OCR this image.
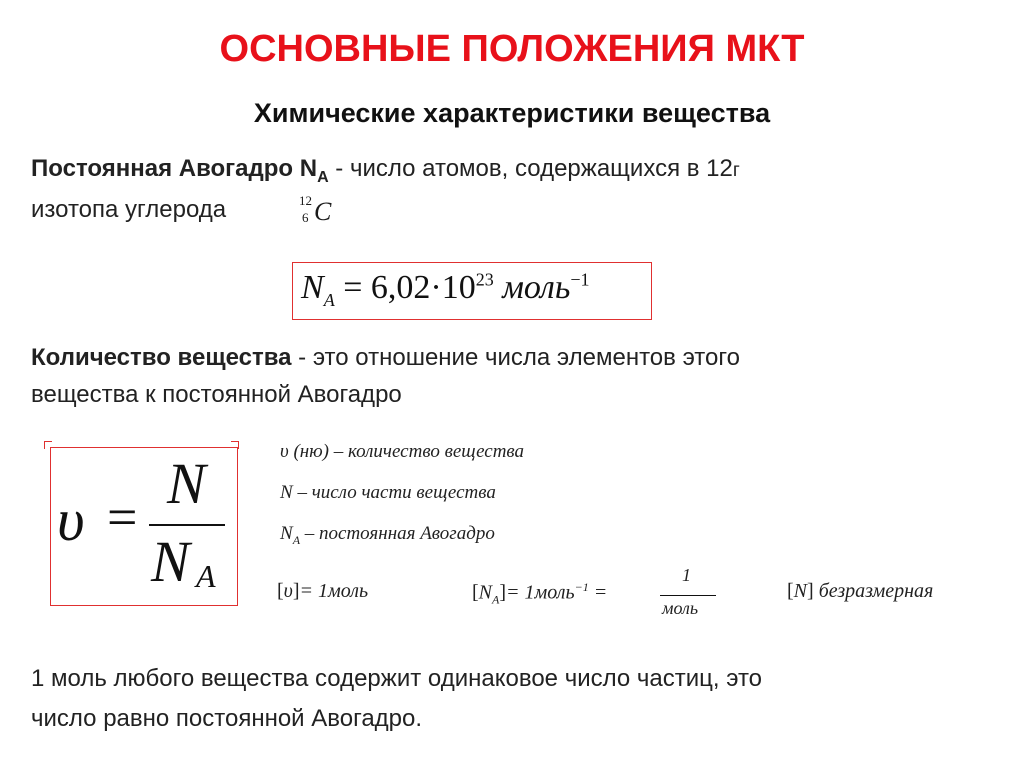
ОСНОВНЫЕ ПОЛОЖЕНИЯ МКТ
Химические характеристики вещества
Постоянная Авогадро $N_A$ - число атомов, содержащихся в 12г
изотопа углерода	12
6 C
$N_A = 6,02\cdot 10^{23}$ моль$^{-1}$
Количество вещества - это отношение числа элементов этого
вещества к постоянной Авогадро
υ =
N
N A
υ (ню) – количество вещества
N – число части вещества
$N_A$ – постоянная Авогадро
[υ]= 1моль	$[N_A]=$ 1моль$^{-1}$ =
1
моль
[N] безразмерная
1 моль любого вещества содержит одинаковое число частиц, это
число равно постоянной Авогадро.
